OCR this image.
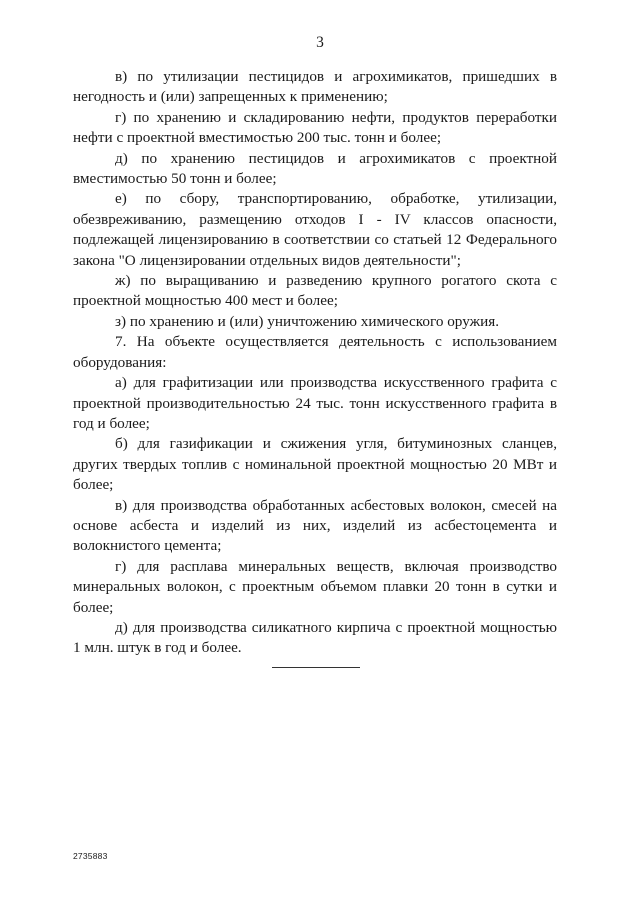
3

в) по утилизации пестицидов и агрохимикатов, пришедших в негодность и (или) запрещенных к применению;

г) по хранению и складированию нефти, продуктов переработки нефти с проектной вместимостью 200 тыс. тонн и более;

д) по хранению пестицидов и агрохимикатов с проектной вместимостью 50 тонн и более;

е) по сбору, транспортированию, обработке, утилизации, обезвреживанию, размещению отходов I - IV классов опасности, подлежащей лицензированию в соответствии со статьей 12 Федерального закона "О лицензировании отдельных видов деятельности";

ж) по выращиванию и разведению крупного рогатого скота с проектной мощностью 400 мест и более;

з) по хранению и (или) уничтожению химического оружия.

7. На объекте осуществляется деятельность с использованием оборудования:

а) для графитизации или производства искусственного графита с проектной производительностью 24 тыс. тонн искусственного графита в год и более;

б) для газификации и сжижения угля, битуминозных сланцев, других твердых топлив с номинальной проектной мощностью 20 МВт и более;

в) для производства обработанных асбестовых волокон, смесей на основе асбеста и изделий из них, изделий из асбестоцемента и волокнистого цемента;

г) для расплава минеральных веществ, включая производство минеральных волокон, с проектным объемом плавки 20 тонн в сутки и более;

д) для производства силикатного кирпича с проектной мощностью 1 млн. штук в год и более.

2735883
